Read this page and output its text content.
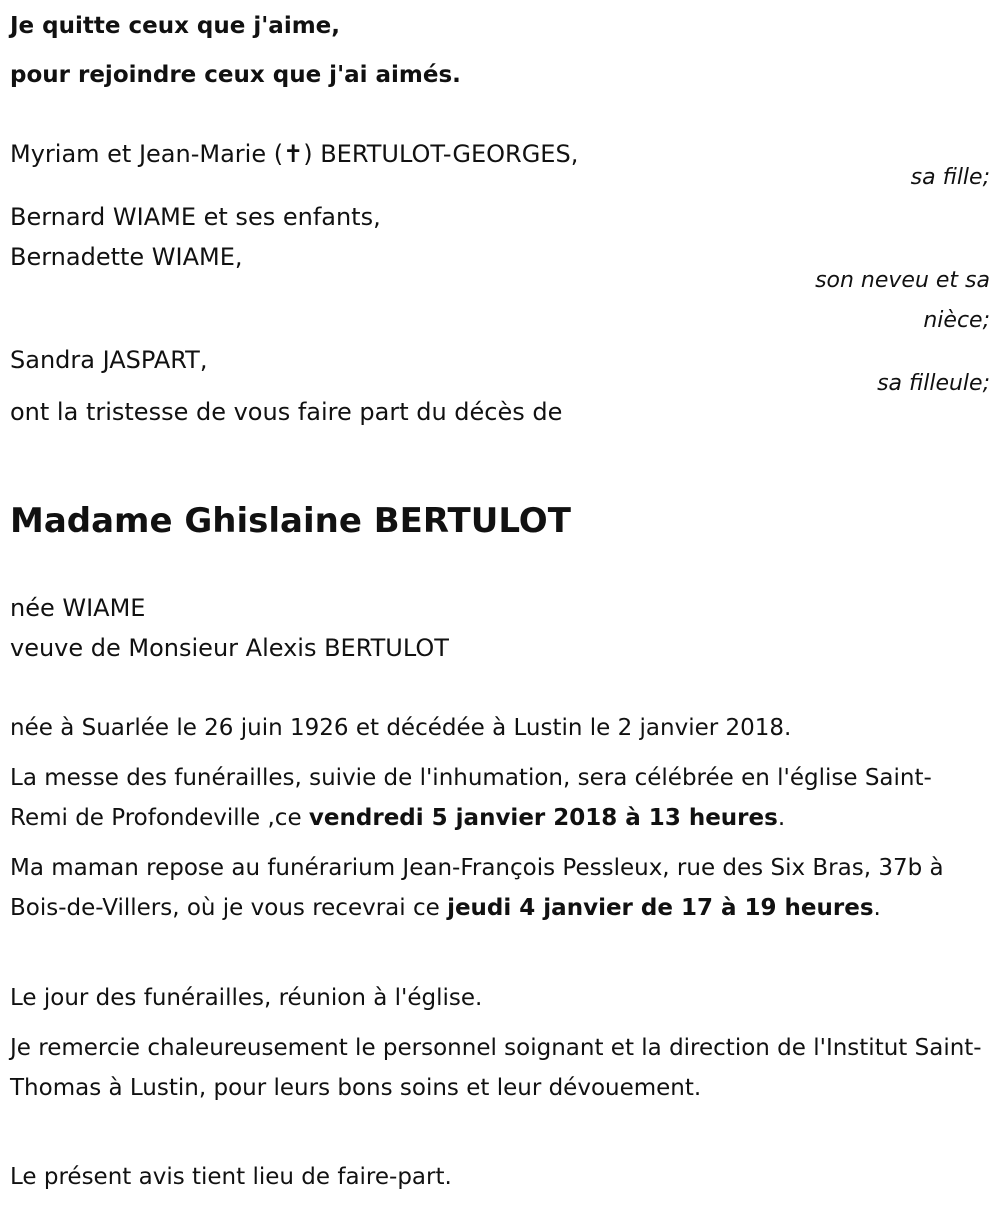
Je quitte ceux que j'aime,

pour rejoindre ceux que j'ai aimés.

Myriam et Jean-Marie (✝) BERTULOT-GEORGES,
sa fille;
Bernard WIAME et ses enfants,
Bernadette WIAME,
son neveu et sa
nièce;
Sandra JASPART,
sa filleule;
ont la tristesse de vous faire part du décès de
Madame Ghislaine BERTULOT
née WIAME
veuve de Monsieur Alexis BERTULOT
née à Suarlée le 26 juin 1926 et décédée à Lustin le 2 janvier 2018.
La messe des funérailles, suivie de l'inhumation, sera célébrée en l'église Saint-Remi de Profondeville ,ce vendredi 5 janvier 2018 à 13 heures.
Ma maman repose au funérarium Jean-François Pessleux, rue des Six Bras, 37b à Bois-de-Villers, où je vous recevrai ce jeudi 4 janvier de 17 à 19 heures.
Le jour des funérailles, réunion à l'église.
Je remercie chaleureusement le personnel soignant et la direction de l'Institut Saint-Thomas à Lustin, pour leurs bons soins et leur dévouement.
Le présent avis tient lieu de faire-part.
